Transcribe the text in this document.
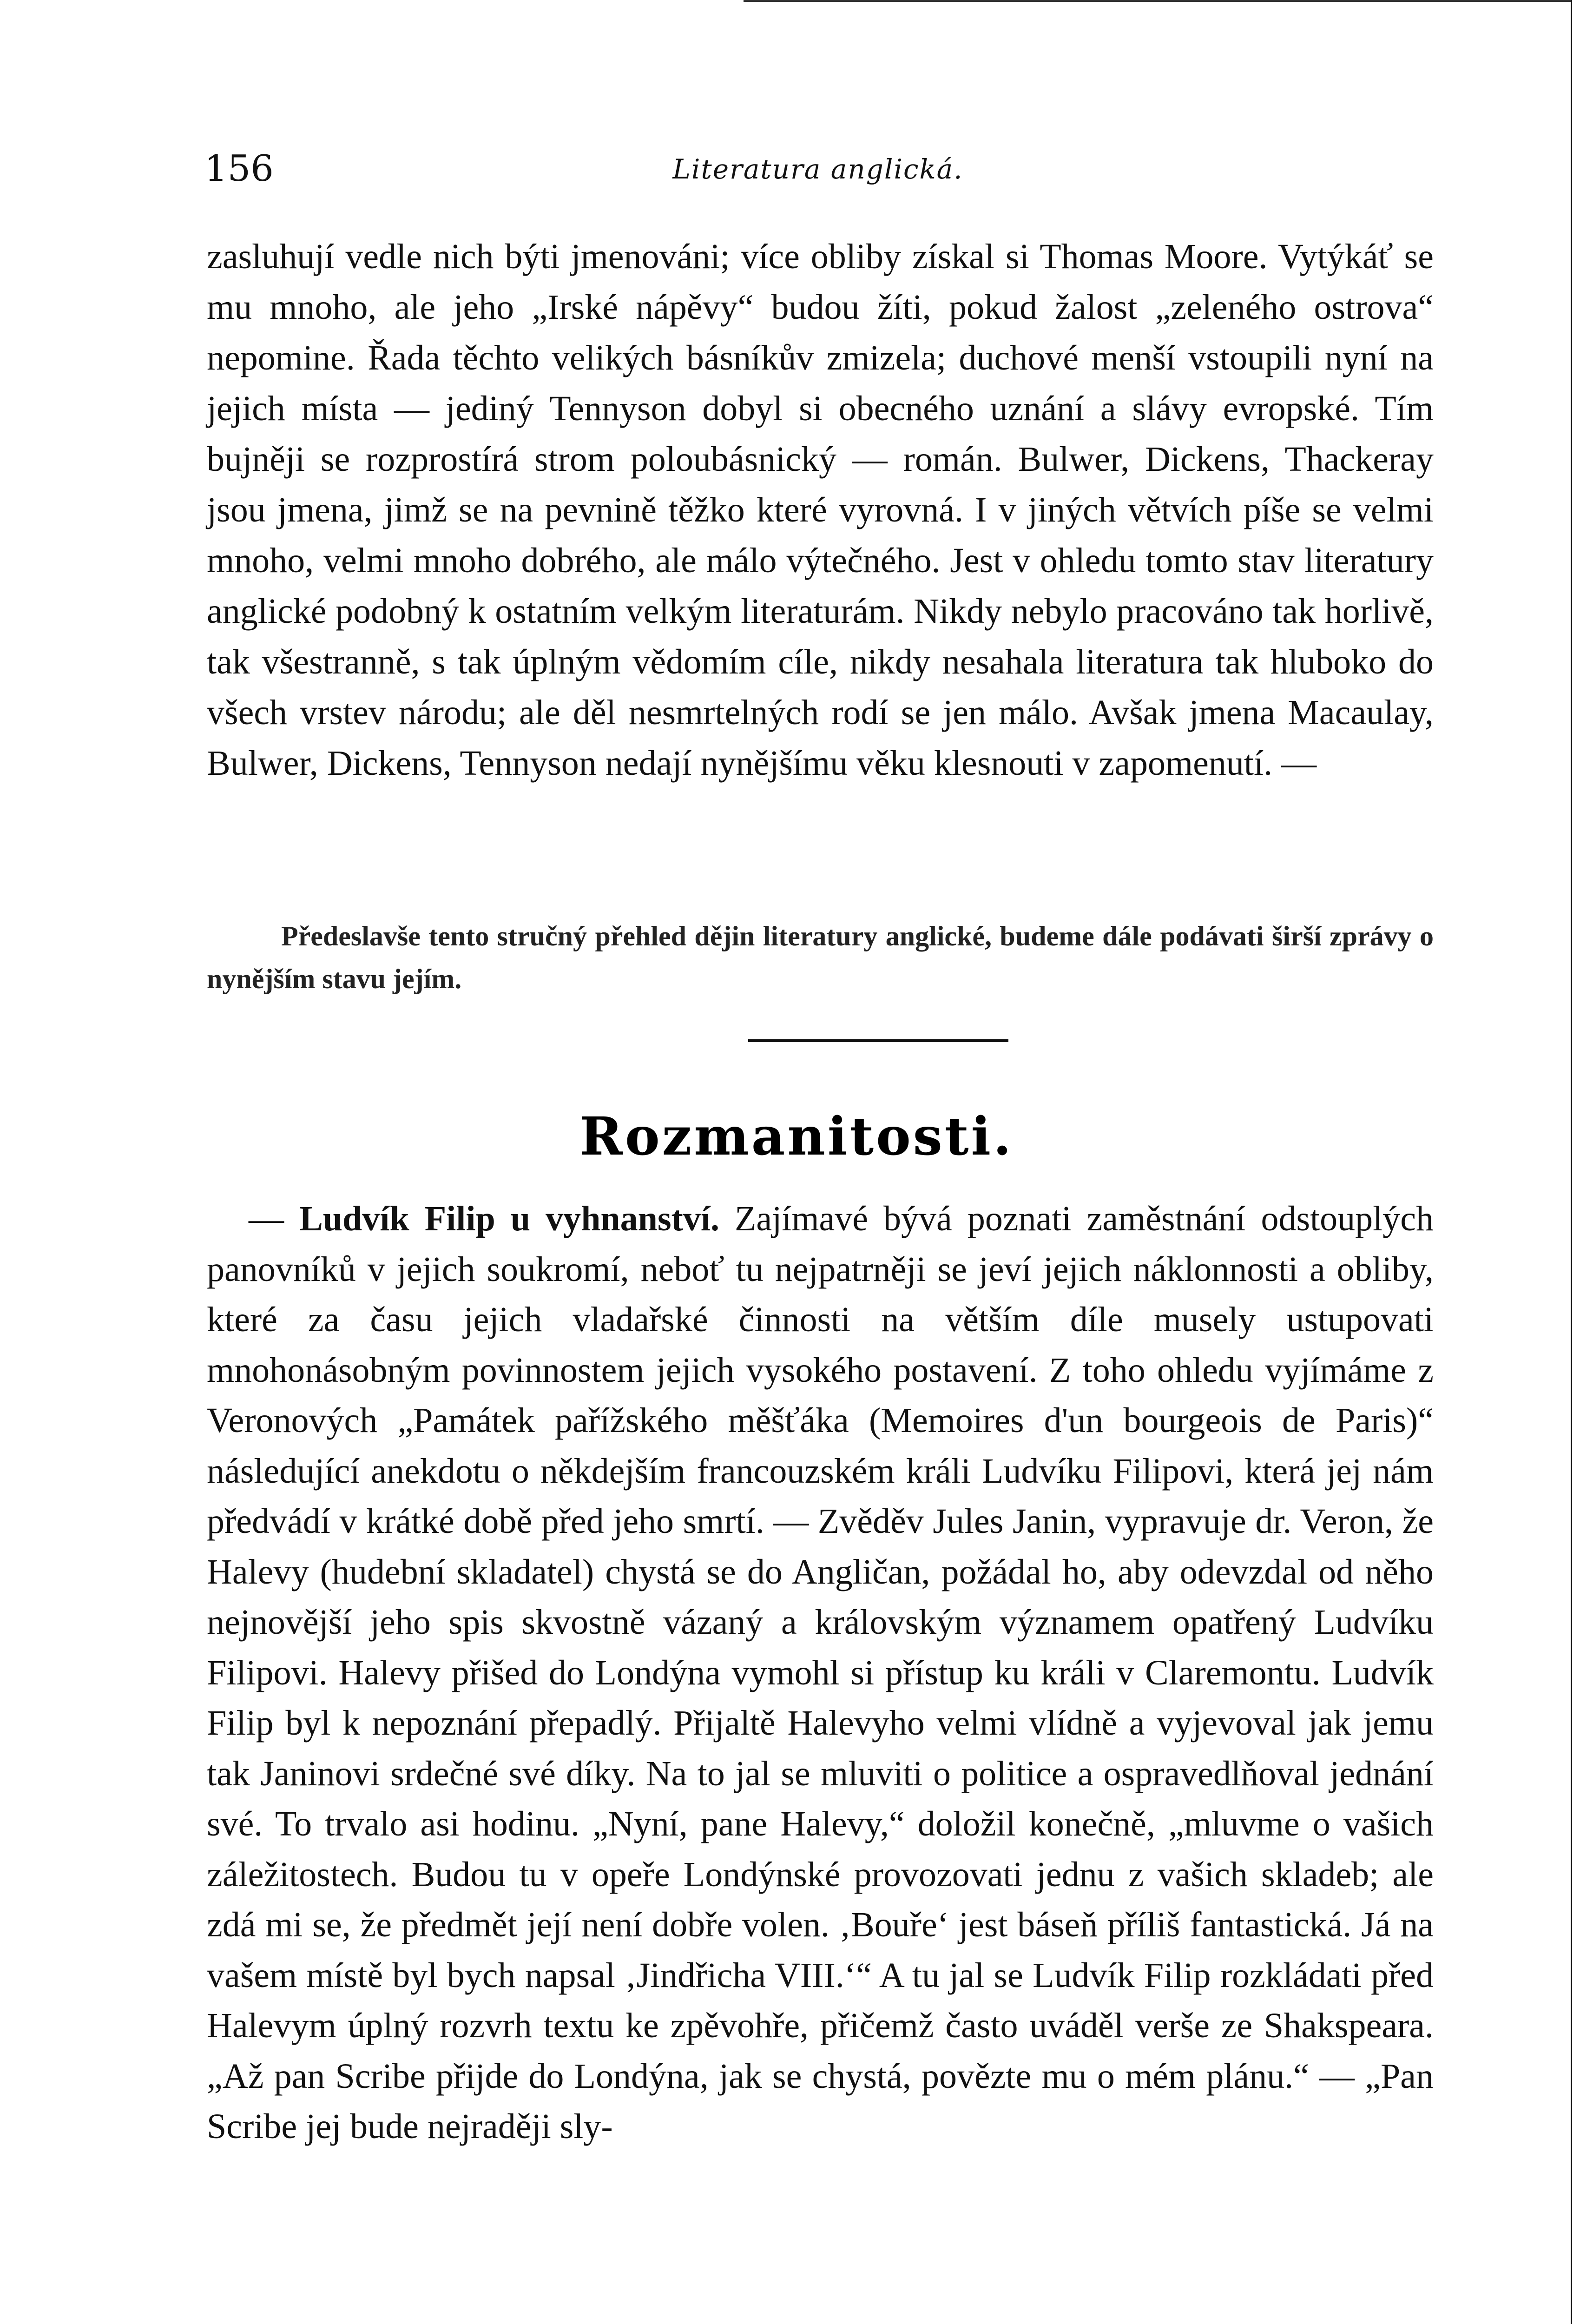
156	Literatura anglická.

zasluhují vedle nich býti jmenováni; více obliby získal si Thomas Moore. Vytýkáť se mu mnoho, ale jeho „Irské nápěvy“ budou žíti, pokud žalost „zeleného ostrova“ nepomine. Řada těchto velikých básníkův zmizela; duchové menší vstoupili nyní na jejich místa — jediný Tennyson dobyl si obecného uznání a slávy evropské. Tím bujněji se rozprostírá strom poloubásnický — román. Bulwer, Dickens, Thackeray jsou jmena, jimž se na pevnině těžko které vyrovná. I v jiných větvích píše se velmi mnoho, velmi mnoho dobrého, ale málo výtečného. Jest v ohledu tomto stav literatury anglické podobný k ostatním velkým literaturám. Nikdy nebylo pracováno tak horlivě, tak všestranně, s tak úplným vědomím cíle, nikdy nesahala literatura tak hluboko do všech vrstev národu; ale děl nesmrtelných rodí se jen málo. Avšak jmena Macaulay, Bulwer, Dickens, Tennyson nedají nynějšímu věku klesnouti v zapomenutí. —

Předeslavše tento stručný přehled dějin literatury anglické, budeme dále podávati širší zprávy o nynějším stavu jejím.

Rozmanitosti.

— Ludvík Filip u vyhnanství. Zajímavé bývá poznati zaměstnání odstouplých panovníků v jejich soukromí, neboť tu nejpatrněji se jeví jejich náklonnosti a obliby, které za času jejich vladařské činnosti na větším díle musely ustupovati mnohonásobným povinnostem jejich vysokého postavení. Z toho ohledu vyjímáme z Veronových „Památek pařížského měšťáka (Memoires d'un bourgeois de Paris)“ následující anekdotu o někdejším francouzském králi Ludvíku Filipovi, která jej nám předvádí v krátké době před jeho smrtí. — Zvěděv Jules Janin, vypravuje dr. Veron, že Halevy (hudební skladatel) chystá se do Angličan, požádal ho, aby odevzdal od něho nejnovější jeho spis skvostně vázaný a královským významem opatřený Ludvíku Filipovi. Halevy přišed do Londýna vymohl si přístup ku králi v Claremontu. Ludvík Filip byl k nepoznání přepadlý. Přijaltě Halevyho velmi vlídně a vyjevoval jak jemu tak Janinovi srdečné své díky. Na to jal se mluviti o politice a ospravedlňoval jednání své. To trvalo asi hodinu. „Nyní, pane Halevy,“ doložil konečně, „mluvme o vašich záležitostech. Budou tu v opeře Londýnské provozovati jednu z vašich skladeb; ale zdá mi se, že předmět její není dobře volen. ‚Bouře‘ jest báseň příliš fantastická. Já na vašem místě byl bych napsal ‚Jindřicha VIII.‘“ A tu jal se Ludvík Filip rozkládati před Halevym úplný rozvrh textu ke zpěvohře, přičemž často uváděl verše ze Shakspeara. „Až pan Scribe přijde do Londýna, jak se chystá, povězte mu o mém plánu.“ — „Pan Scribe jej bude nejraději sly-
